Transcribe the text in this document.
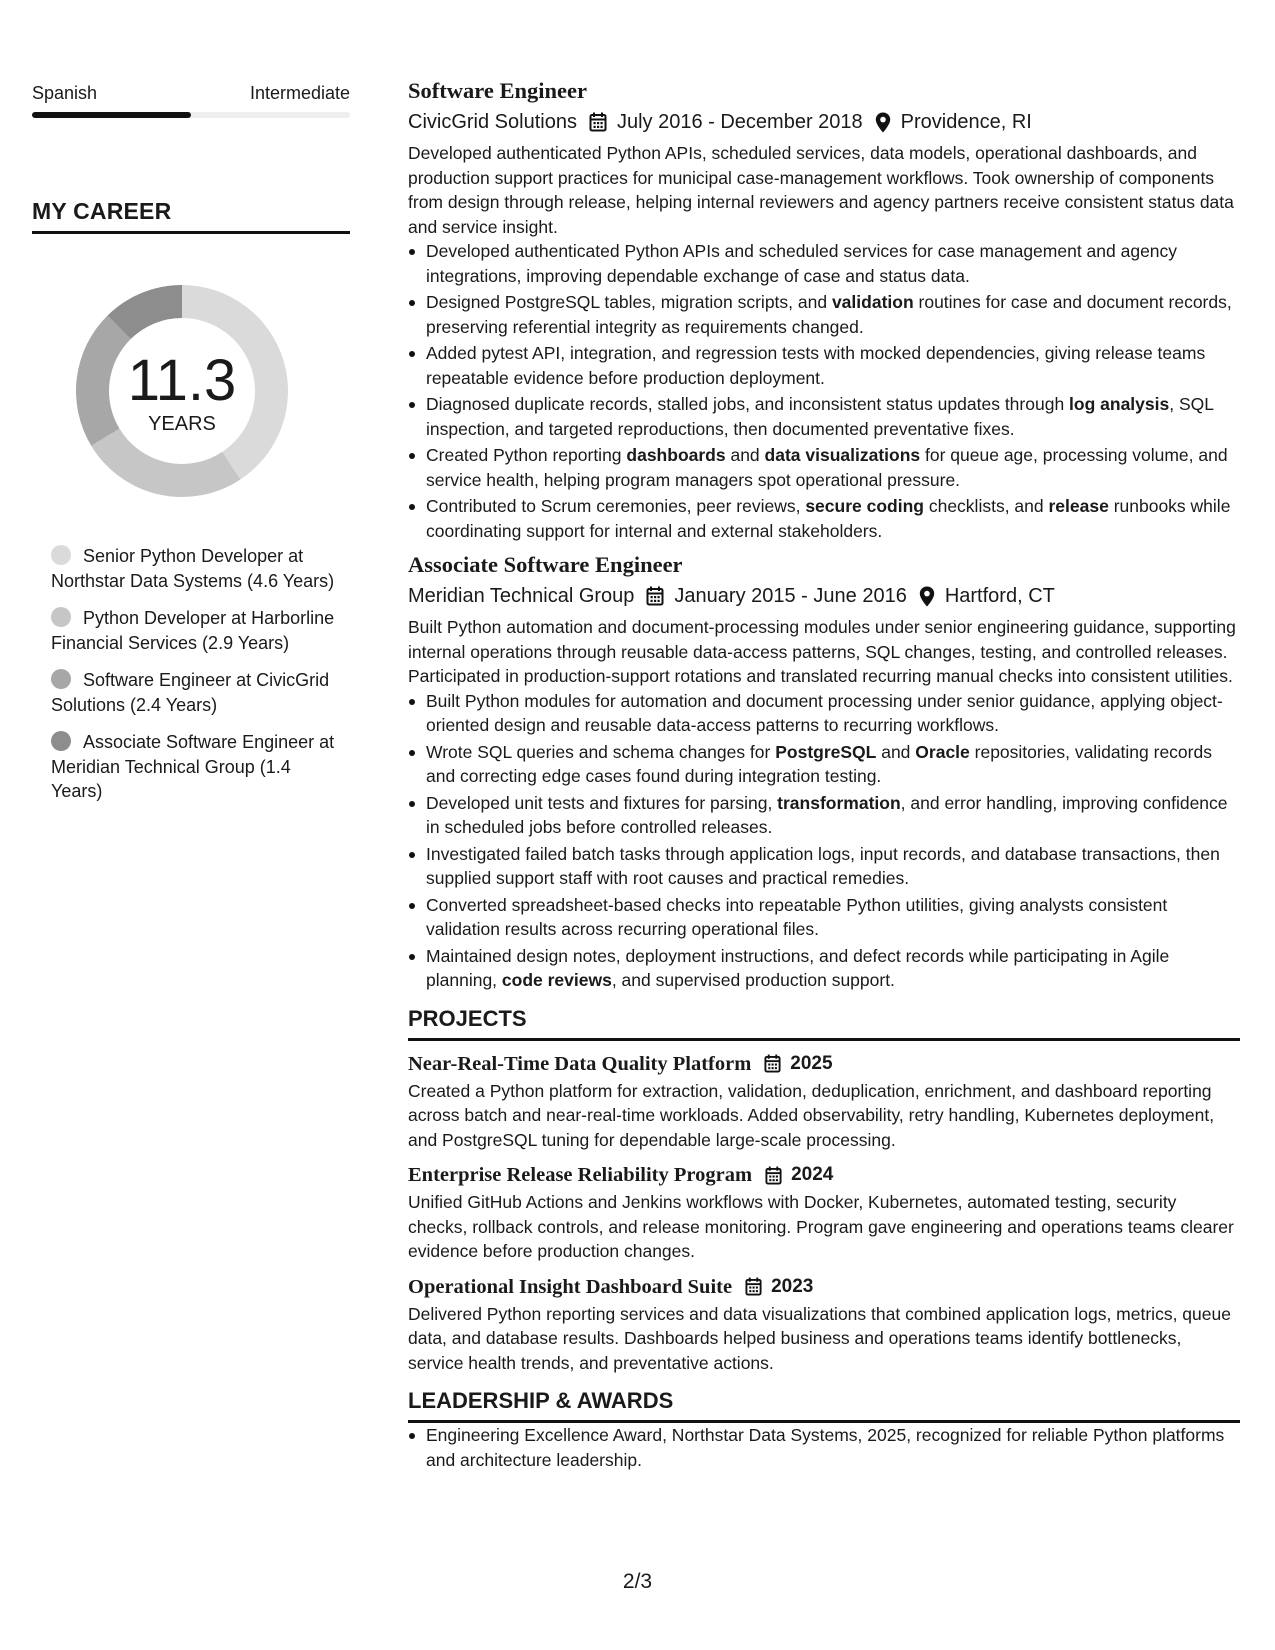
Spanish	Intermediate
MY CAREER
11.3
YEARS
Senior Python Developer at Northstar Data Systems (4.6 Years)
Python Developer at Harborline Financial Services (2.9 Years)
Software Engineer at CivicGrid Solutions (2.4 Years)
Associate Software Engineer at Meridian Technical Group (1.4 Years)
Software Engineer
CivicGrid Solutions July 2016 - December 2018 Providence, RI
Developed authenticated Python APIs, scheduled services, data models, operational dashboards, and production support practices for municipal case-management workflows. Took ownership of components from design through release, helping internal reviewers and agency partners receive consistent status data and service insight.
Developed authenticated Python APIs and scheduled services for case management and agency integrations, improving dependable exchange of case and status data.
Designed PostgreSQL tables, migration scripts, and validation routines for case and document records, preserving referential integrity as requirements changed.
Added pytest API, integration, and regression tests with mocked dependencies, giving release teams repeatable evidence before production deployment.
Diagnosed duplicate records, stalled jobs, and inconsistent status updates through log analysis, SQL inspection, and targeted reproductions, then documented preventative fixes.
Created Python reporting dashboards and data visualizations for queue age, processing volume, and service health, helping program managers spot operational pressure.
Contributed to Scrum ceremonies, peer reviews, secure coding checklists, and release runbooks while coordinating support for internal and external stakeholders.
Associate Software Engineer
Meridian Technical Group January 2015 - June 2016 Hartford, CT
Built Python automation and document-processing modules under senior engineering guidance, supporting internal operations through reusable data-access patterns, SQL changes, testing, and controlled releases. Participated in production-support rotations and translated recurring manual checks into consistent utilities.
Built Python modules for automation and document processing under senior guidance, applying object-oriented design and reusable data-access patterns to recurring workflows.
Wrote SQL queries and schema changes for PostgreSQL and Oracle repositories, validating records and correcting edge cases found during integration testing.
Developed unit tests and fixtures for parsing, transformation, and error handling, improving confidence in scheduled jobs before controlled releases.
Investigated failed batch tasks through application logs, input records, and database transactions, then supplied support staff with root causes and practical remedies.
Converted spreadsheet-based checks into repeatable Python utilities, giving analysts consistent validation results across recurring operational files.
Maintained design notes, deployment instructions, and defect records while participating in Agile planning, code reviews, and supervised production support.
PROJECTS
Near-Real-Time Data Quality Platform 2025
Created a Python platform for extraction, validation, deduplication, enrichment, and dashboard reporting across batch and near-real-time workloads. Added observability, retry handling, Kubernetes deployment, and PostgreSQL tuning for dependable large-scale processing.
Enterprise Release Reliability Program 2024
Unified GitHub Actions and Jenkins workflows with Docker, Kubernetes, automated testing, security checks, rollback controls, and release monitoring. Program gave engineering and operations teams clearer evidence before production changes.
Operational Insight Dashboard Suite 2023
Delivered Python reporting services and data visualizations that combined application logs, metrics, queue data, and database results. Dashboards helped business and operations teams identify bottlenecks, service health trends, and preventative actions.
LEADERSHIP & AWARDS
Engineering Excellence Award, Northstar Data Systems, 2025, recognized for reliable Python platforms and architecture leadership.
2/3
